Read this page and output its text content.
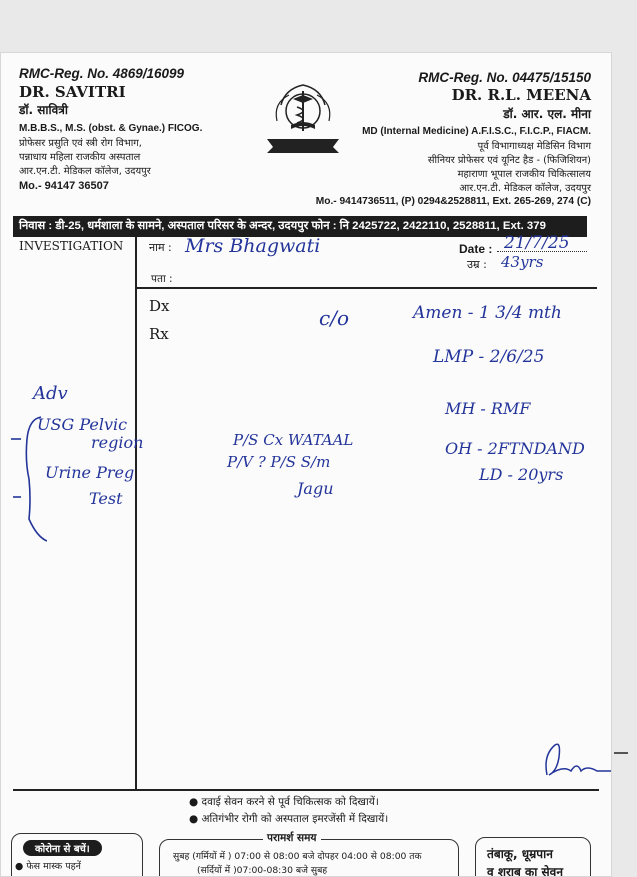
RMC-Reg. No. 4869/16099
DR. SAVITRI
डॉ. सावित्री
M.B.B.S., M.S. (obst. & Gynae.) FICOG.
प्रोफेसर प्रसुति एवं स्त्री रोग विभाग,
पन्नाधाय महिला राजकीय अस्पताल
आर.एन.टी. मेडिकल कॉलेज, उदयपुर
Mo.- 94147 36507
RMC-Reg. No. 04475/15150
DR. R.L. MEENA
डॉ. आर. एल. मीना
MD (Internal Medicine) A.F.I.S.C., F.I.C.P., FIACM.
पूर्व विभागाध्यक्ष मेडिसिन विभाग
सीनियर प्रोफेसर एवं यूनिट हैड - (फिजिशियन)
महाराणा भूपाल राजकीय चिकित्सालय
आर.एन.टी. मेडिकल कॉलेज, उदयपुर
Mo.- 9414736511, (P) 0294&2528811, Ext. 265-269, 274 (C)
निवास : डी-25, धर्मशाला के सामने, अस्पताल परिसर के अन्दर, उदयपुर फोन : नि 2425722, 2422110, 2528811, Ext. 379
INVESTIGATION नाम : Mrs Bhagwati	Date : 21/7/25
उम्र : 43yrs
पता :
Dx
Rx
c/o	Amen - 1 3/4 mth
LMP - 2/6/25
MH - RMF
OH - 2FTNDAND
LD - 20yrs
P/S Cx WATAAL
P/V ? P/S S/m
Jagu
Adv
USG Pelvic
region
Urine Preg
Test
● दवाई सेवन करने से पूर्व चिकित्सक को दिखायें।
● अतिगंभीर रोगी को अस्पताल इमरजेंसी में दिखायें।
कोरोना से बचें।
● फेस मास्क पहनें
परामर्श समय
सुबह (गर्मियों में ) 07:00 से 08:00 बजे दोपहर 04:00 से 08:00 तक
(सर्दियों में )07:00-08:30 बजे सुबह
तंबाकू, धूम्रपान
व शराब का सेवन
